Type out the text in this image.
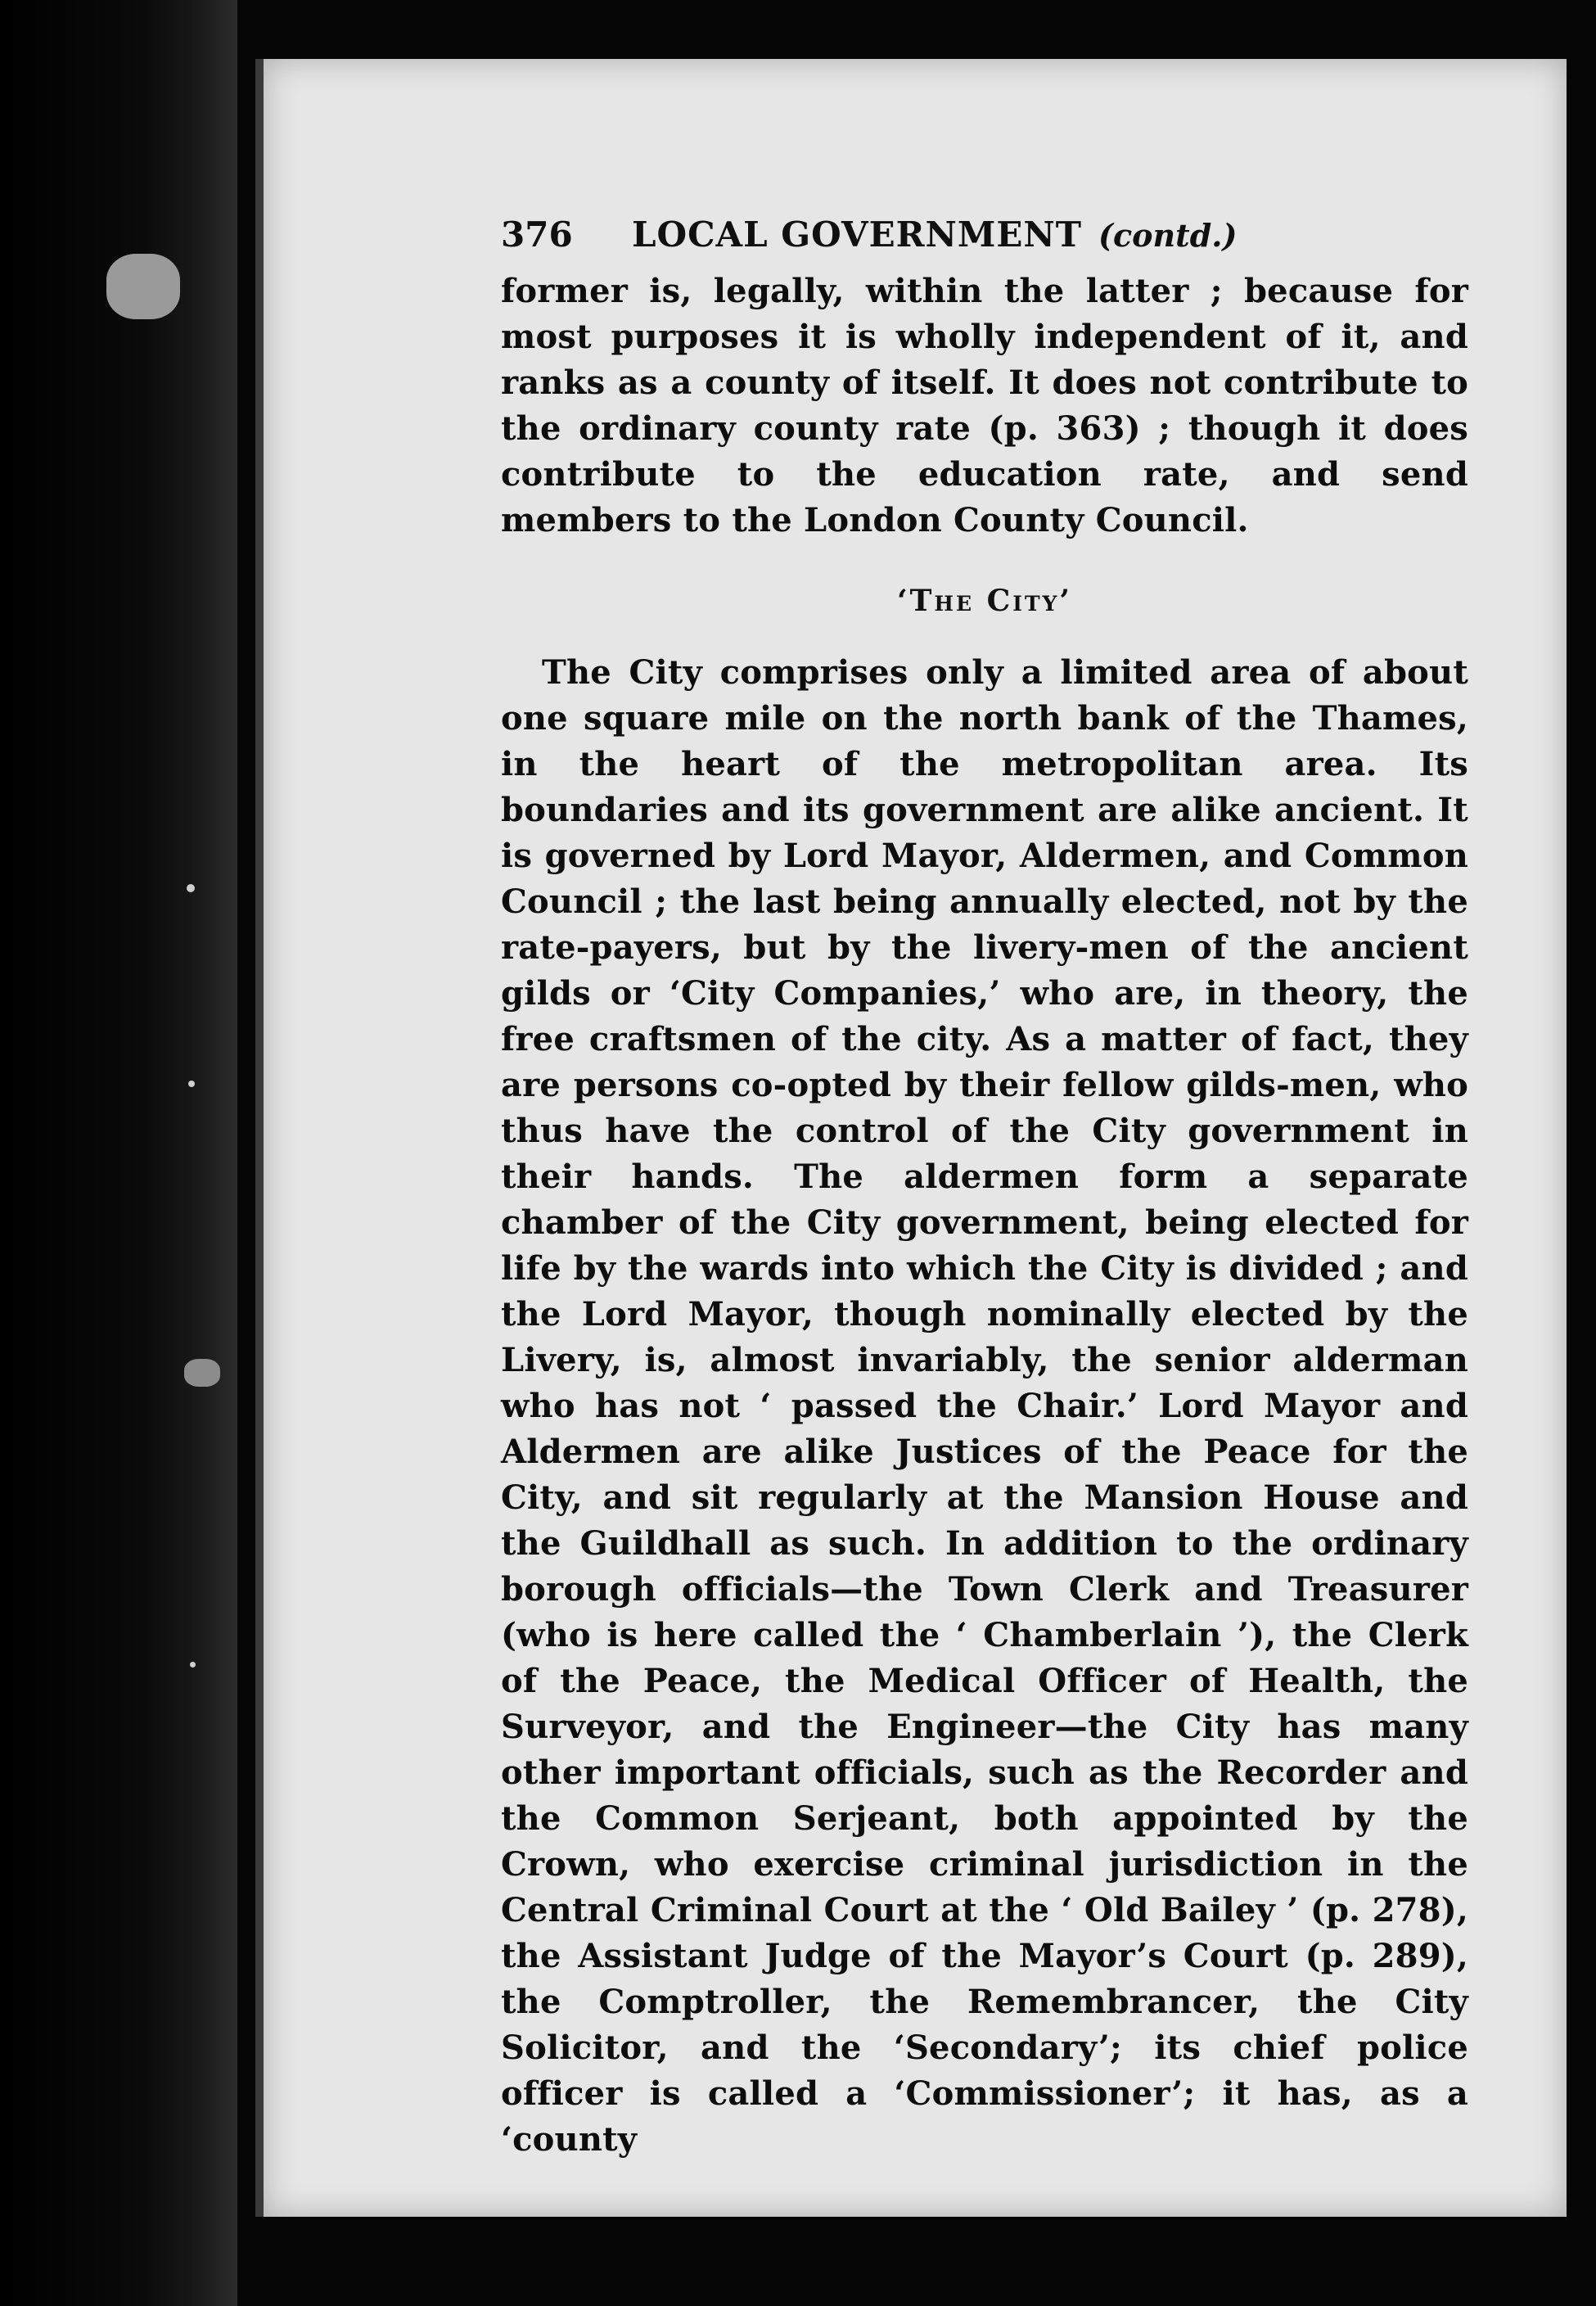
376	LOCAL GOVERNMENT (contd.)

former is, legally, within the latter ; because for most purposes it is wholly independent of it, and ranks as a county of itself. It does not contribute to the ordinary county rate (p. 363) ; though it does contribute to the education rate, and send members to the London County Council.

‘The City’

The City comprises only a limited area of about one square mile on the north bank of the Thames, in the heart of the metropolitan area. Its boundaries and its government are alike ancient. It is governed by Lord Mayor, Aldermen, and Common Council ; the last being annually elected, not by the rate-payers, but by the livery-men of the ancient gilds or ‘City Companies,’ who are, in theory, the free craftsmen of the city. As a matter of fact, they are persons co-opted by their fellow gilds-men, who thus have the control of the City government in their hands. The aldermen form a separate chamber of the City government, being elected for life by the wards into which the City is divided ; and the Lord Mayor, though nominally elected by the Livery, is, almost invariably, the senior alderman who has not ‘ passed the Chair.’ Lord Mayor and Aldermen are alike Justices of the Peace for the City, and sit regularly at the Mansion House and the Guildhall as such. In addition to the ordinary borough officials—the Town Clerk and Treasurer (who is here called the ‘ Chamberlain ’), the Clerk of the Peace, the Medical Officer of Health, the Surveyor, and the Engineer—the City has many other important officials, such as the Recorder and the Common Serjeant, both appointed by the Crown, who exercise criminal jurisdiction in the Central Criminal Court at the ‘ Old Bailey ’ (p. 278), the Assistant Judge of the Mayor’s Court (p. 289), the Comptroller, the Remembrancer, the City Solicitor, and the ‘Secondary’; its chief police officer is called a ‘Commissioner’; it has, as a ‘county
